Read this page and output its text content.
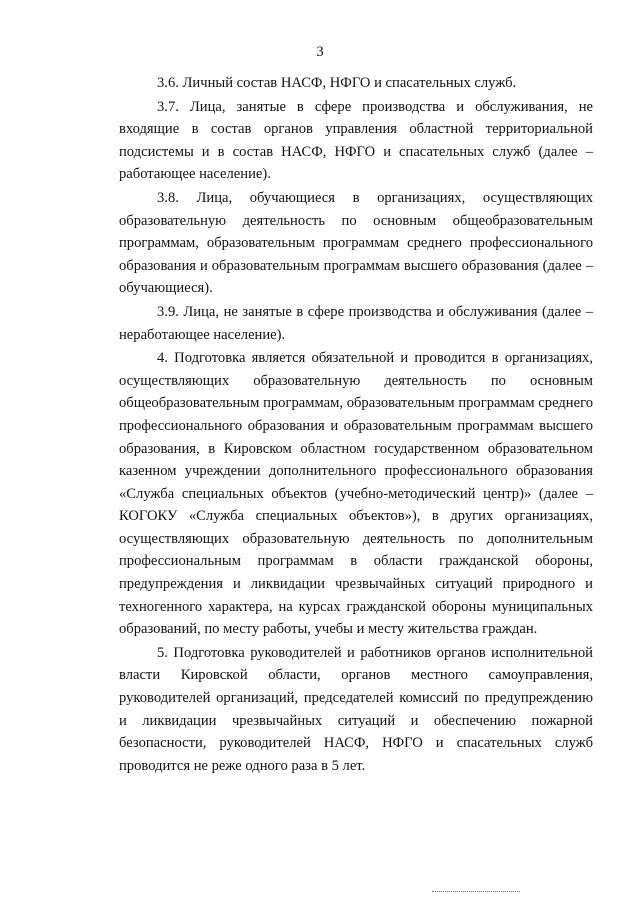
3

3.6. Личный состав НАСФ, НФГО и спасательных служб.

3.7. Лица, занятые в сфере производства и обслуживания, не входящие в состав органов управления областной территориальной подсистемы и в состав НАСФ, НФГО и спасательных служб (далее – работающее население).

3.8. Лица, обучающиеся в организациях, осуществляющих образовательную деятельность по основным общеобразовательным программам, образовательным программам среднего профессионального образования и образовательным программам высшего образования (далее – обучающиеся).

3.9. Лица, не занятые в сфере производства и обслуживания (далее – неработающее население).

4. Подготовка является обязательной и проводится в организациях, осуществляющих образовательную деятельность по основным общеобразовательным программам, образовательным программам среднего профессионального образования и образовательным программам высшего образования, в Кировском областном государственном образовательном казенном учреждении дополнительного профессионального образования «Служба специальных объектов (учебно-методический центр)» (далее – КОГОКУ «Служба специальных объектов»), в других организациях, осуществляющих образовательную деятельность по дополнительным профессиональным программам в области гражданской обороны, предупреждения и ликвидации чрезвычайных ситуаций природного и техногенного характера, на курсах гражданской обороны муниципальных образований, по месту работы, учебы и месту жительства граждан.

5. Подготовка руководителей и работников органов исполнительной власти Кировской области, органов местного самоуправления, руководителей организаций, председателей комиссий по предупреждению и ликвидации чрезвычайных ситуаций и обеспечению пожарной безопасности, руководителей НАСФ, НФГО и спасательных служб проводится не реже одного раза в 5 лет.
